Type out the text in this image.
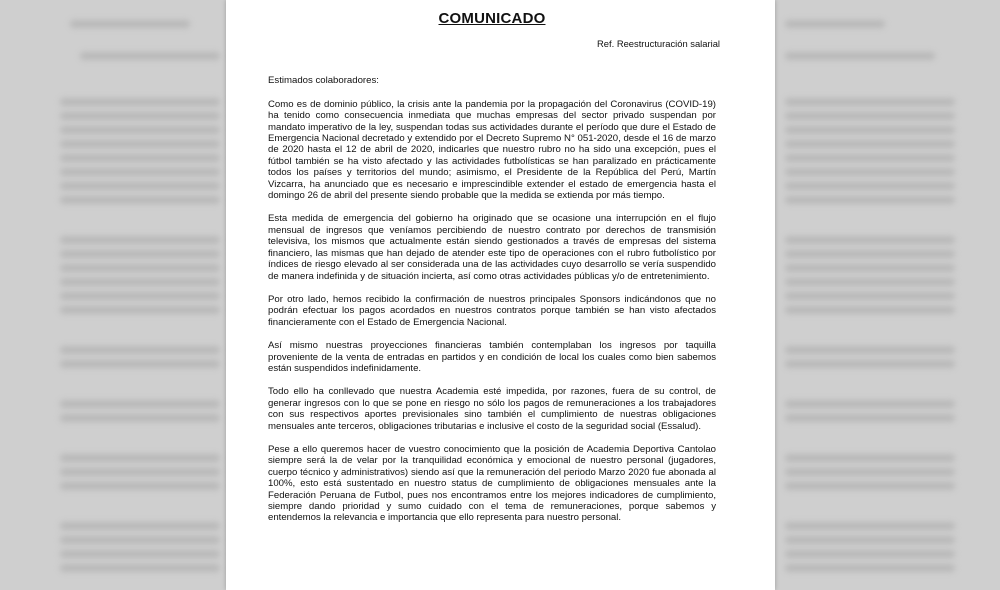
COMUNICADO
Ref. Reestructuración salarial
Estimados colaboradores:

Como es de dominio público, la crisis ante la pandemia por la propagación del Coronavirus (COVID-19) ha tenido como consecuencia inmediata que muchas empresas del sector privado suspendan por mandato imperativo de la ley, suspendan todas sus actividades durante el período que dure el Estado de Emergencia Nacional decretado y extendido por el Decreto Supremo N° 051-2020, desde el 16 de marzo de 2020 hasta el 12 de abril de 2020, indicarles que nuestro rubro no ha sido una excepción, pues el fútbol también se ha visto afectado y las actividades futbolísticas se han paralizado en prácticamente todos los países y territorios del mundo; asimismo, el Presidente de la República del Perú, Martín Vizcarra, ha anunciado que es necesario e imprescindible extender el estado de emergencia hasta el domingo 26 de abril del presente siendo probable que la medida se extienda por más tiempo.

Esta medida de emergencia del gobierno ha originado que se ocasione una interrupción en el flujo mensual de ingresos que veníamos percibiendo de nuestro contrato por derechos de transmisión televisiva, los mismos que actualmente están siendo gestionados a través de empresas del sistema financiero, las mismas que han dejado de atender este tipo de operaciones con el rubro futbolístico por índices de riesgo elevado al ser considerada una de las actividades cuyo desarrollo se vería suspendido de manera indefinida y de situación incierta, así como otras actividades públicas y/o de entretenimiento.

Por otro lado, hemos recibido la confirmación de nuestros principales Sponsors indicándonos que no podrán efectuar los pagos acordados en nuestros contratos porque también se han visto afectados financieramente con el Estado de Emergencia Nacional.

Así mismo nuestras proyecciones financieras también contemplaban los ingresos por taquilla proveniente de la venta de entradas en partidos y en condición de local los cuales como bien sabemos están suspendidos indefinidamente.

Todo ello ha conllevado que nuestra Academia esté impedida, por razones, fuera de su control, de generar ingresos con lo que se pone en riesgo no sólo los pagos de remuneraciones a los trabajadores con sus respectivos aportes previsionales sino también el cumplimiento de nuestras obligaciones mensuales ante terceros, obligaciones tributarias e inclusive el costo de la seguridad social (Essalud).

Pese a ello queremos hacer de vuestro conocimiento que la posición de Academia Deportiva Cantolao siempre será la de velar por la tranquilidad económica y emocional de nuestro personal (jugadores, cuerpo técnico y administrativos) siendo así que la remuneración del periodo Marzo 2020 fue abonada al 100%, esto está sustentado en nuestro status de cumplimiento de obligaciones mensuales ante la Federación Peruana de Futbol, pues nos encontramos entre los mejores indicadores de cumplimiento, siempre dando prioridad y sumo cuidado con el tema de remuneraciones, porque sabemos y entendemos la relevancia e importancia que ello representa para nuestro personal.
